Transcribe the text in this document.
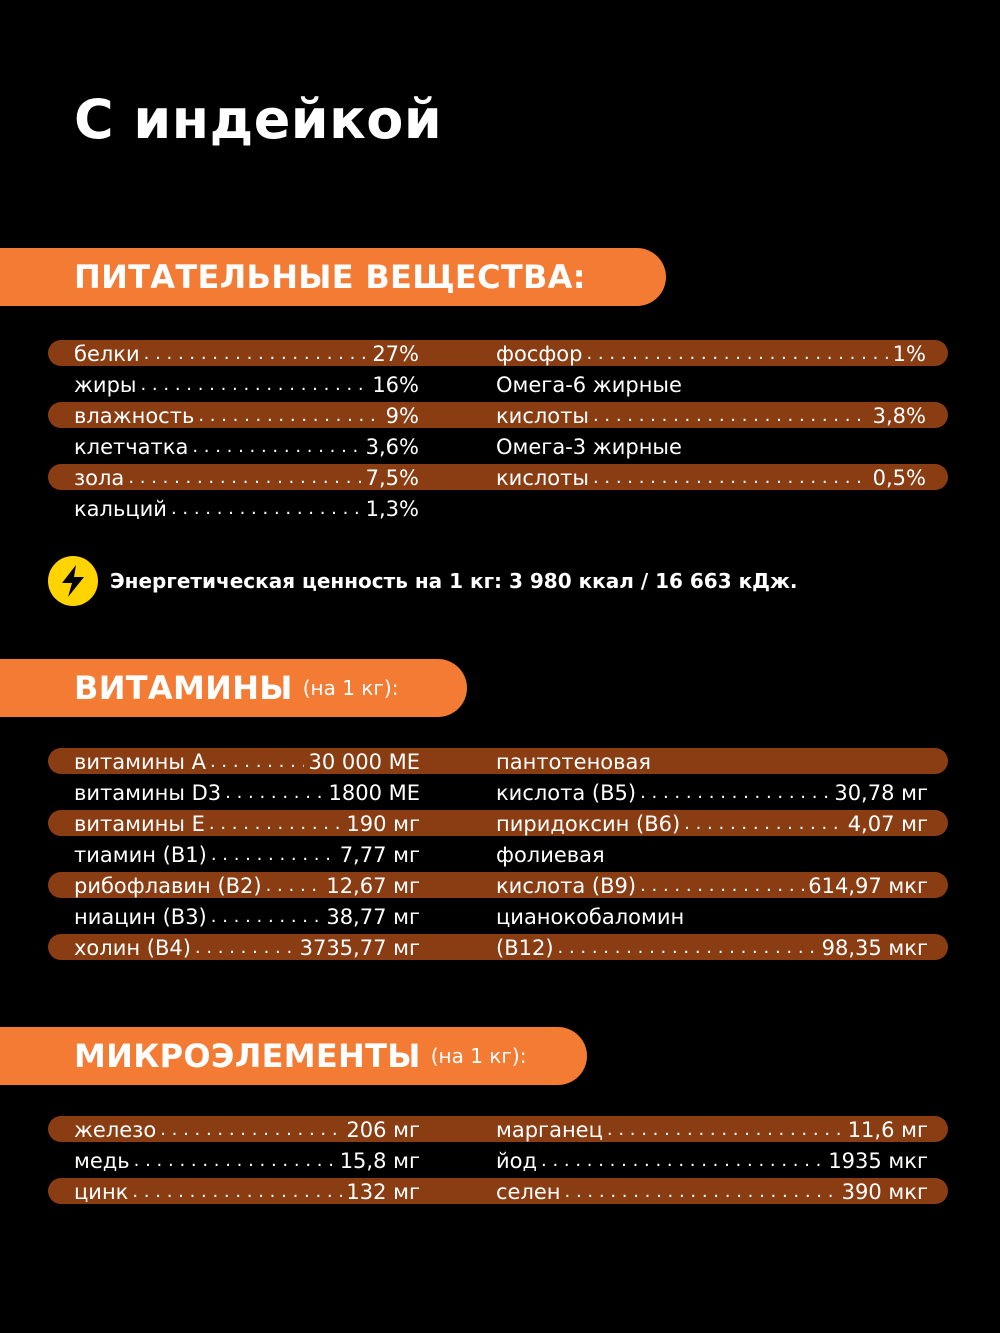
С индейкой
ПИТАТЕЛЬНЫЕ ВЕЩЕСТВА:
белки . . .	27%
жиры . . .	16%
влажность . . .	9%
клетчатка . . .	3,6%
зола . . .	7,5%
кальций . . .	1,3%
фосфор . . .	1%
Омега-6 жирные
кислоты . . .	3,8%
Омега-3 жирные
кислоты . . .	0,5%
Энергетическая ценность на 1 кг: 3 980 ккал / 16 663 кДж.
ВИТАМИНЫ (на 1 кг):
витамины A . . .	30 000 МЕ
витамины D3 . . .	1800 МЕ
витамины Е . . .	190 мг
тиамин (В1) . . .	7,77 мг
рибофлавин (В2) . . .	12,67 мг
ниацин (В3) . . .	38,77 мг
холин (В4) . . .	3735,77 мг
пантотеновая
кислота (В5) . . .	30,78 мг
пиридоксин (В6) . . .	4,07 мг
фолиевая
кислота (В9) . . .	614,97 мкг
цианокобаломин
(В12) . . .	98,35 мкг
МИКРОЭЛЕМЕНТЫ (на 1 кг):
железо . . .	206 мг
медь . . .	15,8 мг
цинк . . .	132 мг
марганец . . .	11,6 мг
йод . . .	1935 мкг
селен . . .	390 мкг
